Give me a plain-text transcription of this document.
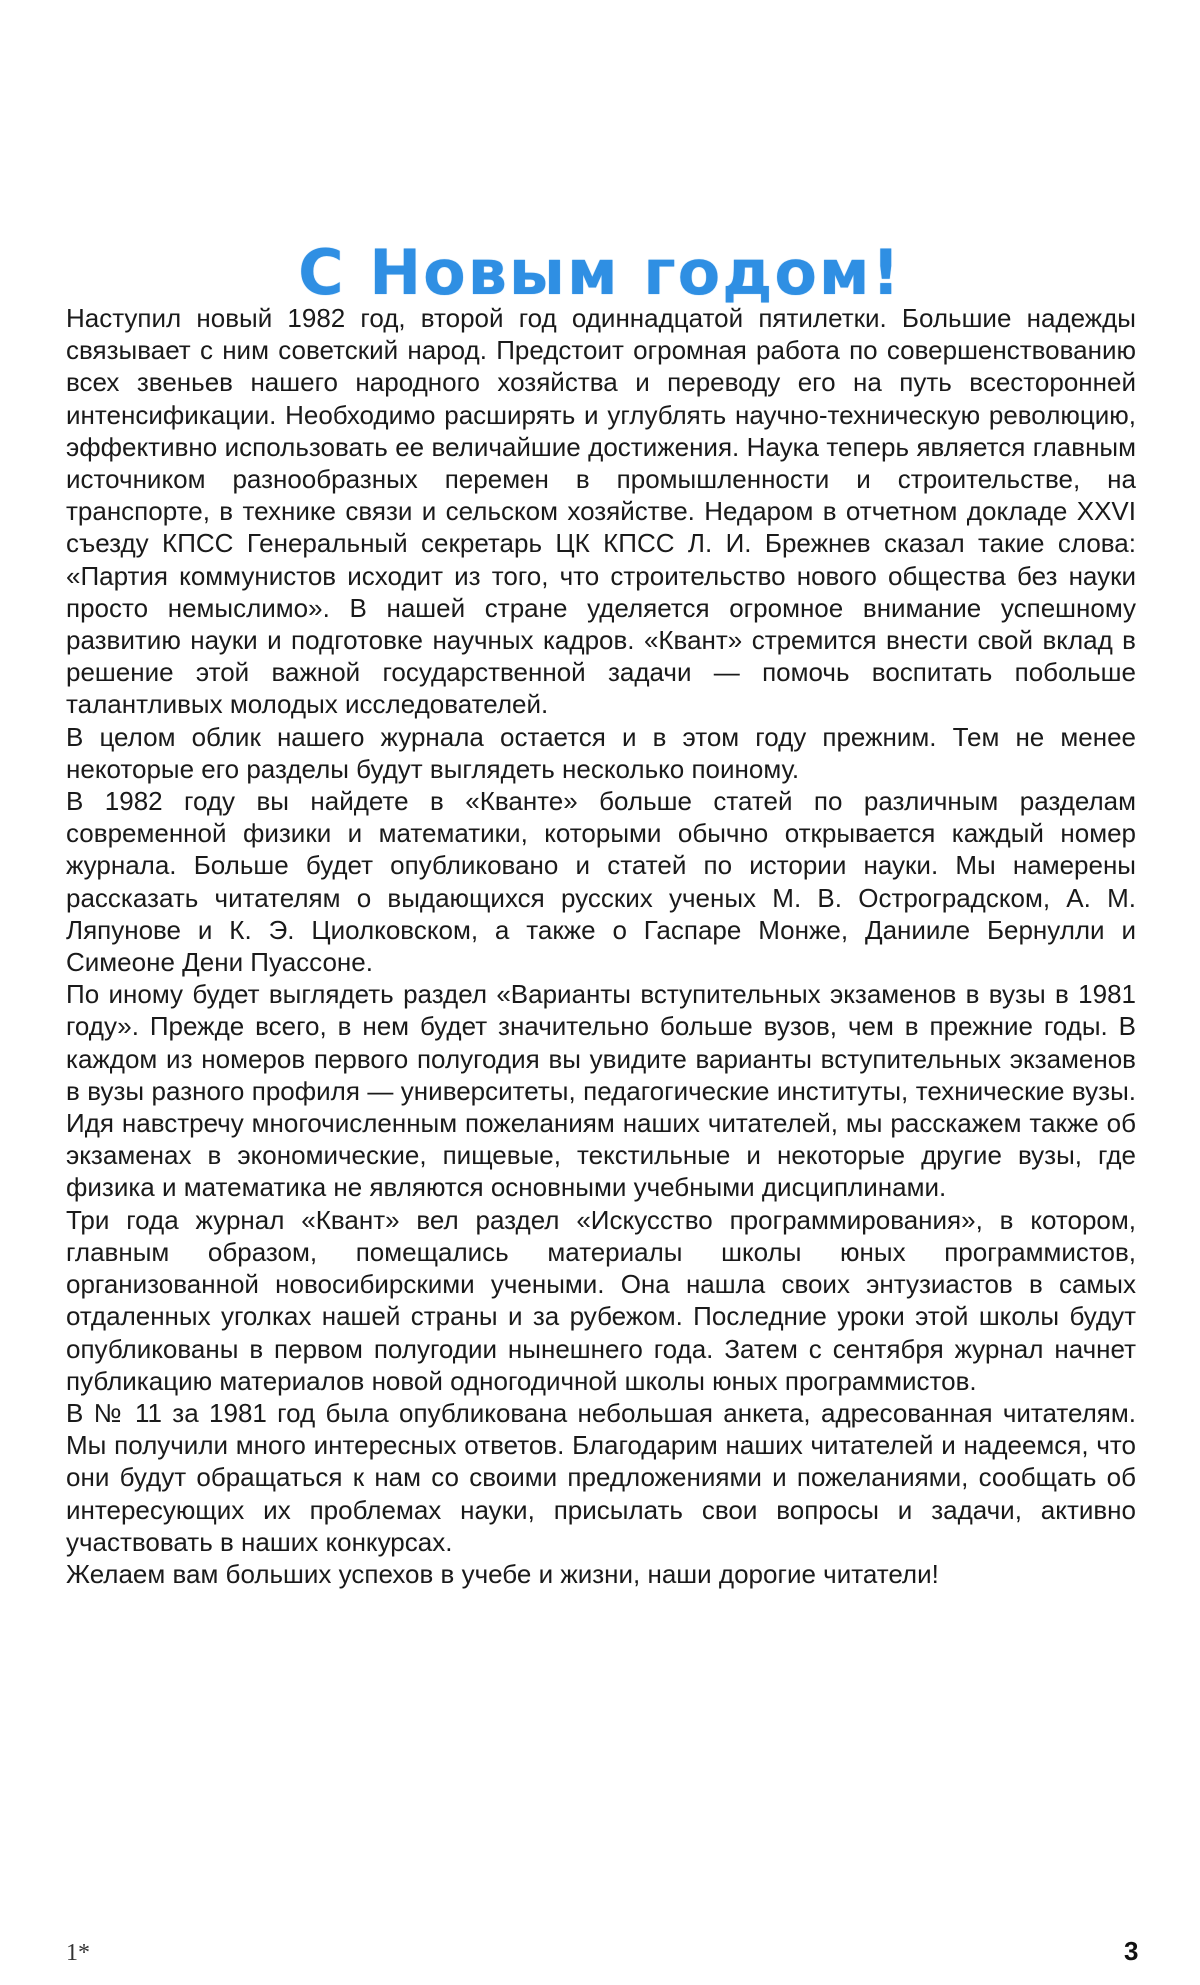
С Новым годом!

Наступил новый 1982 год, второй год одиннадцатой пятилетки. Большие надежды связывает с ним советский народ. Предстоит огромная работа по совершенствованию всех звеньев нашего народного хозяйства и переводу его на путь всесторонней интенсификации. Необходимо расширять и углублять научно-техническую революцию, эффективно использовать ее величайшие достижения. Наука теперь является главным источником разнообразных перемен в промышленности и строительстве, на транспорте, в технике связи и сельском хозяйстве. Недаром в отчетном докладе XXVI съезду КПСС Генеральный секретарь ЦК КПСС Л. И. Брежнев сказал такие слова: «Партия коммунистов исходит из того, что строительство нового общества без науки просто немыслимо». В нашей стране уделяется огромное внимание успешному развитию науки и подготовке научных кадров. «Квант» стремится внести свой вклад в решение этой важной государственной задачи — помочь воспитать побольше талантливых молодых исследователей.

В целом облик нашего журнала остается и в этом году прежним. Тем не менее некоторые его разделы будут выглядеть несколько поиному.

В 1982 году вы найдете в «Кванте» больше статей по различным разделам современной физики и математики, которыми обычно открывается каждый номер журнала. Больше будет опубликовано и статей по истории науки. Мы намерены рассказать читателям о выдающихся русских ученых М. В. Остроградском, А. М. Ляпунове и К. Э. Циолковском, а также о Гаспаре Монже, Данииле Бернулли и Симеоне Дени Пуассоне.

По иному будет выглядеть раздел «Варианты вступительных экзаменов в вузы в 1981 году». Прежде всего, в нем будет значительно больше вузов, чем в прежние годы. В каждом из номеров первого полугодия вы увидите варианты вступительных экзаменов в вузы разного профиля — университеты, педагогические институты, технические вузы. Идя навстречу многочисленным пожеланиям наших читателей, мы расскажем также об экзаменах в экономические, пищевые, текстильные и некоторые другие вузы, где физика и математика не являются основными учебными дисциплинами.

Три года журнал «Квант» вел раздел «Искусство программирования», в котором, главным образом, помещались материалы школы юных программистов, организованной новосибирскими учеными. Она нашла своих энтузиастов в самых отдаленных уголках нашей страны и за рубежом. Последние уроки этой школы будут опубликованы в первом полугодии нынешнего года. Затем с сентября журнал начнет публикацию материалов новой одногодичной школы юных программистов.

В № 11 за 1981 год была опубликована небольшая анкета, адресованная читателям. Мы получили много интересных ответов. Благодарим наших читателей и надеемся, что они будут обращаться к нам со своими предложениями и пожеланиями, сообщать об интересующих их проблемах науки, присылать свои вопросы и задачи, активно участвовать в наших конкурсах.

Желаем вам больших успехов в учебе и жизни, наши дорогие читатели!

1*	3
